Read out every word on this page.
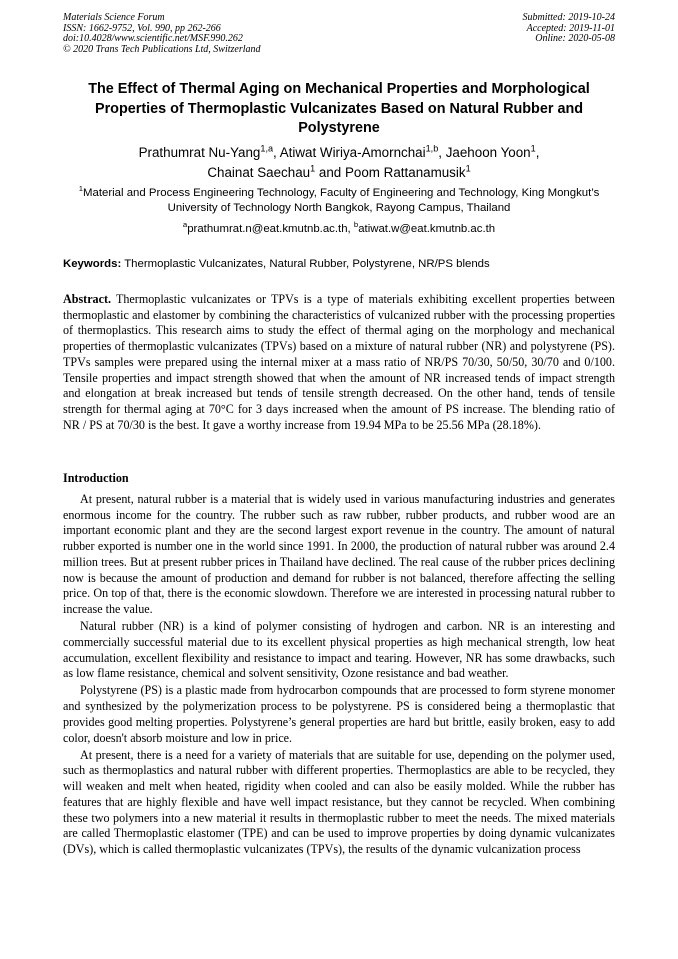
Materials Science Forum
ISSN: 1662-9752, Vol. 990, pp 262-266
doi:10.4028/www.scientific.net/MSF.990.262
© 2020 Trans Tech Publications Ltd, Switzerland
Submitted: 2019-10-24
Accepted: 2019-11-01
Online: 2020-05-08
The Effect of Thermal Aging on Mechanical Properties and Morphological Properties of Thermoplastic Vulcanizates Based on Natural Rubber and Polystyrene
Prathumrat Nu-Yang$^{1,a}$, Atiwat Wiriya-Amornchai$^{1,b}$, Jaehoon Yoon$^1$,
Chainat Saechau$^1$ and Poom Rattanamusik$^1$
$^1$Material and Process Engineering Technology, Faculty of Engineering and Technology, King Mongkut’s University of Technology North Bangkok, Rayong Campus, Thailand
$^a$prathumrat.n@eat.kmutnb.ac.th, $^b$atiwat.w@eat.kmutnb.ac.th
Keywords: Thermoplastic Vulcanizates, Natural Rubber, Polystyrene, NR/PS blends

Abstract. Thermoplastic vulcanizates or TPVs is a type of materials exhibiting excellent properties between thermoplastic and elastomer by combining the characteristics of vulcanized rubber with the processing properties of thermoplastics. This research aims to study the effect of thermal aging on the morphology and mechanical properties of thermoplastic vulcanizates (TPVs) based on a mixture of natural rubber (NR) and polystyrene (PS). TPVs samples were prepared using the internal mixer at a mass ratio of NR/PS 70/30, 50/50, 30/70 and 0/100. Tensile properties and impact strength showed that when the amount of NR increased tends of impact strength and elongation at break increased but tends of tensile strength decreased. On the other hand, tends of tensile strength for thermal aging at 70°C for 3 days increased when the amount of PS increase. The blending ratio of NR / PS at 70/30 is the best. It gave a worthy increase from 19.94 MPa to be 25.56 MPa (28.18%).

Introduction

At present, natural rubber is a material that is widely used in various manufacturing industries and generates enormous income for the country. The rubber such as raw rubber, rubber products, and rubber wood are an important economic plant and they are the second largest export revenue in the country. The amount of natural rubber exported is number one in the world since 1991. In 2000, the production of natural rubber was around 2.4 million trees. But at present rubber prices in Thailand have declined. The real cause of the rubber prices declining now is because the amount of production and demand for rubber is not balanced, therefore affecting the selling price. On top of that, there is the economic slowdown. Therefore we are interested in processing natural rubber to increase the value.

Natural rubber (NR) is a kind of polymer consisting of hydrogen and carbon. NR is an interesting and commercially successful material due to its excellent physical properties as high mechanical strength, low heat accumulation, excellent flexibility and resistance to impact and tearing. However, NR has some drawbacks, such as low flame resistance, chemical and solvent sensitivity, Ozone resistance and bad weather.

Polystyrene (PS) is a plastic made from hydrocarbon compounds that are processed to form styrene monomer and synthesized by the polymerization process to be polystyrene. PS is considered being a thermoplastic that provides good melting properties. Polystyrene’s general properties are hard but brittle, easily broken, easy to add color, doesn't absorb moisture and low in price.

At present, there is a need for a variety of materials that are suitable for use, depending on the polymer used, such as thermoplastics and natural rubber with different properties. Thermoplastics are able to be recycled, they will weaken and melt when heated, rigidity when cooled and can also be easily molded. While the rubber has features that are highly flexible and have well impact resistance, but they cannot be recycled. When combining these two polymers into a new material it results in thermoplastic rubber to meet the needs. The mixed materials are called Thermoplastic elastomer (TPE) and can be used to improve properties by doing dynamic vulcanizates (DVs), which is called thermoplastic vulcanizates (TPVs), the results of the dynamic vulcanization process
